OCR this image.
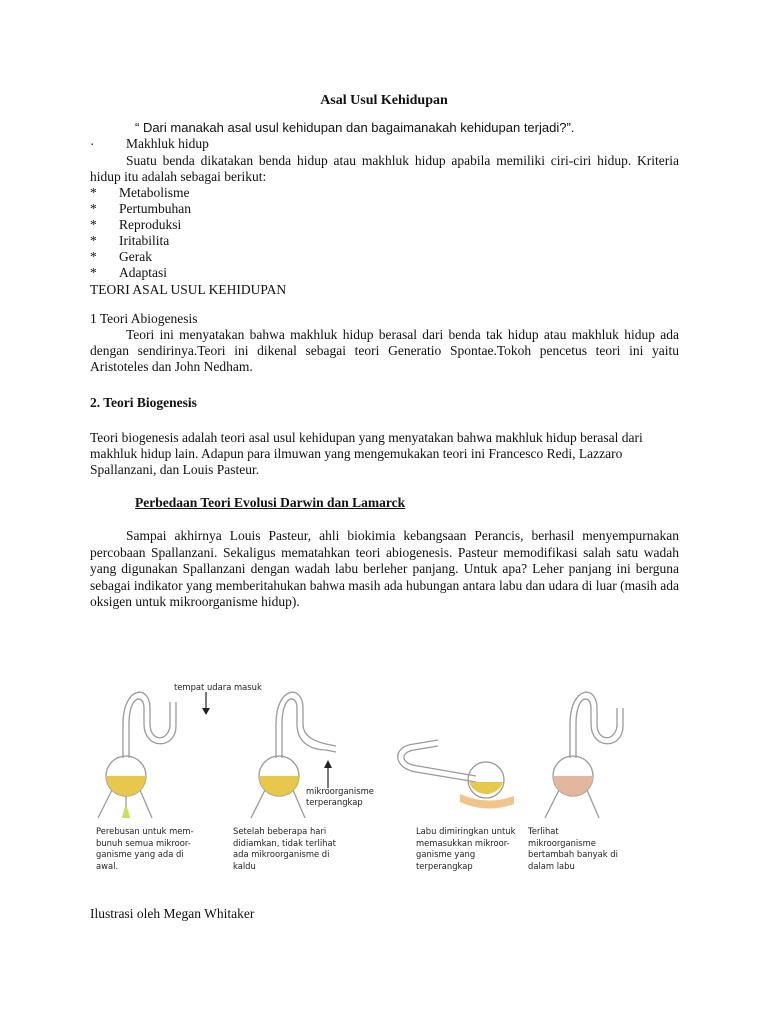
Asal Usul Kehidupan
“ Dari manakah asal usul kehidupan dan bagaimanakah kehidupan terjadi?”.
· Makhluk hidup
Suatu benda dikatakan benda hidup atau makhluk hidup apabila memiliki ciri-ciri hidup. Kriteria hidup itu adalah sebagai berikut:
* Metabolisme
* Pertumbuhan
* Reproduksi
* Iritabilita
* Gerak
* Adaptasi
TEORI ASAL USUL KEHIDUPAN
1 Teori Abiogenesis
Teori ini menyatakan bahwa makhluk hidup berasal dari benda tak hidup atau makhluk hidup ada dengan sendirinya.Teori ini dikenal sebagai teori Generatio Spontae.Tokoh pencetus teori ini yaitu Aristoteles dan John Nedham.
2. Teori Biogenesis
Teori biogenesis adalah teori asal usul kehidupan yang menyatakan bahwa makhluk hidup berasal dari makhluk hidup lain. Adapun para ilmuwan yang mengemukakan teori ini Francesco Redi, Lazzaro Spallanzani, dan Louis Pasteur.
Perbedaan Teori Evolusi Darwin dan Lamarck
Sampai akhirnya Louis Pasteur, ahli biokimia kebangsaan Perancis, berhasil menyempurnakan percobaan Spallanzani. Sekaligus mematahkan teori abiogenesis. Pasteur memodifikasi salah satu wadah yang digunakan Spallanzani dengan wadah labu berleher panjang. Untuk apa? Leher panjang ini berguna sebagai indikator yang memberitahukan bahwa masih ada hubungan antara labu dan udara di luar (masih ada oksigen untuk mikroorganisme hidup).
tempat udara masuk
mikroorganisme terperangkap
Perebusan untuk mem-bunuh semua mikroor-ganisme yang ada di awal.
Setelah beberapa hari didiamkan, tidak terlihat ada mikroorganisme di kaldu
Labu dimiringkan untuk memasukkan mikroor-ganisme yang terperangkap
Terlihat mikroorganisme bertambah banyak di dalam labu
Ilustrasi oleh Megan Whitaker
